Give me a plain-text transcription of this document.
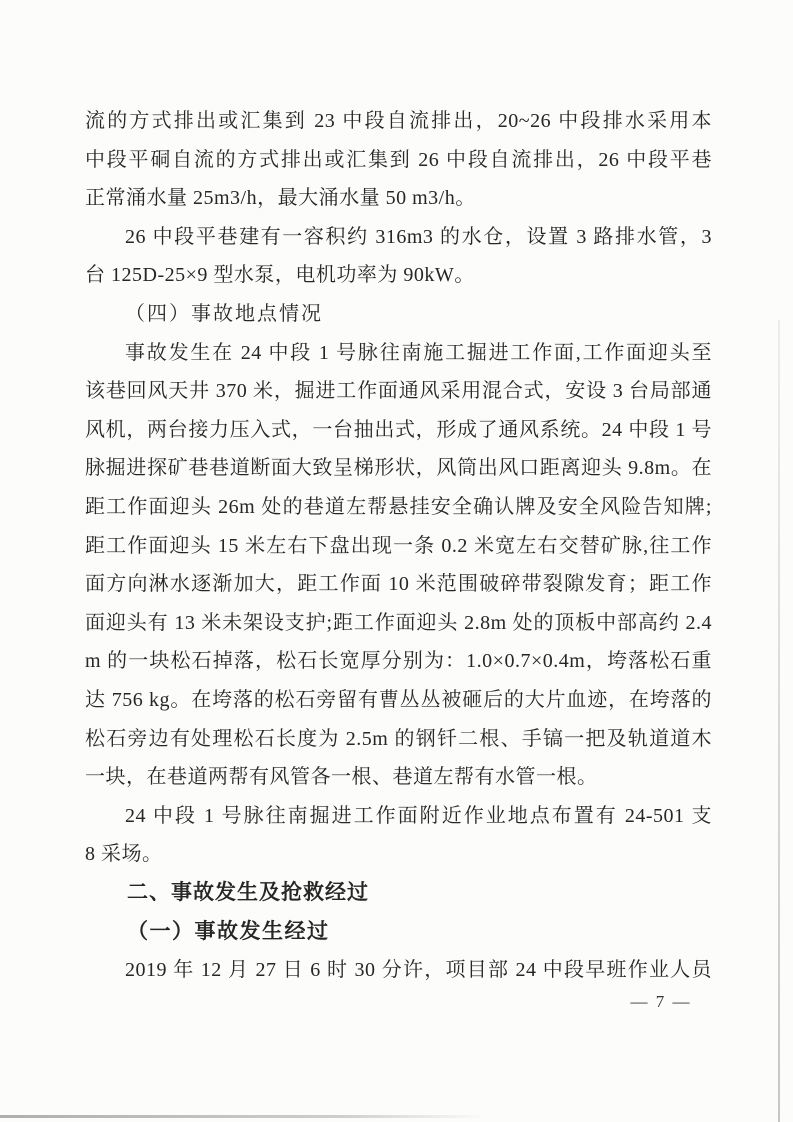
流的方式排出或汇集到 23 中段自流排出，20~26 中段排水采用本
中段平硐自流的方式排出或汇集到 26 中段自流排出，26 中段平巷
正常涌水量 25m3/h，最大涌水量 50 m3/h。
26 中段平巷建有一容积约 316m3 的水仓，设置 3 路排水管，3
台 125D-25×9 型水泵，电机功率为 90kW。
（四）事故地点情况
事故发生在 24 中段 1 号脉往南施工掘进工作面,工作面迎头至
该巷回风天井 370 米，掘进工作面通风采用混合式，安设 3 台局部通
风机，两台接力压入式，一台抽出式，形成了通风系统。24 中段 1 号
脉掘进探矿巷巷道断面大致呈梯形状，风筒出风口距离迎头 9.8m。在
距工作面迎头 26m 处的巷道左帮悬挂安全确认牌及安全风险告知牌;
距工作面迎头 15 米左右下盘出现一条 0.2 米宽左右交替矿脉,往工作
面方向淋水逐渐加大，距工作面 10 米范围破碎带裂隙发育；距工作
面迎头有 13 米未架设支护;距工作面迎头 2.8m 处的顶板中部高约 2.4
m 的一块松石掉落，松石长宽厚分别为：1.0×0.7×0.4m，垮落松石重
达 756 kg。在垮落的松石旁留有曹丛丛被砸后的大片血迹，在垮落的
松石旁边有处理松石长度为 2.5m 的钢钎二根、手镐一把及轨道道木
一块，在巷道两帮有风管各一根、巷道左帮有水管一根。
24 中段 1 号脉往南掘进工作面附近作业地点布置有 24-501 支
8 采场。
二、事故发生及抢救经过
（一）事故发生经过
2019 年 12 月 27 日 6 时 30 分许，项目部 24 中段早班作业人员
— 7 —
